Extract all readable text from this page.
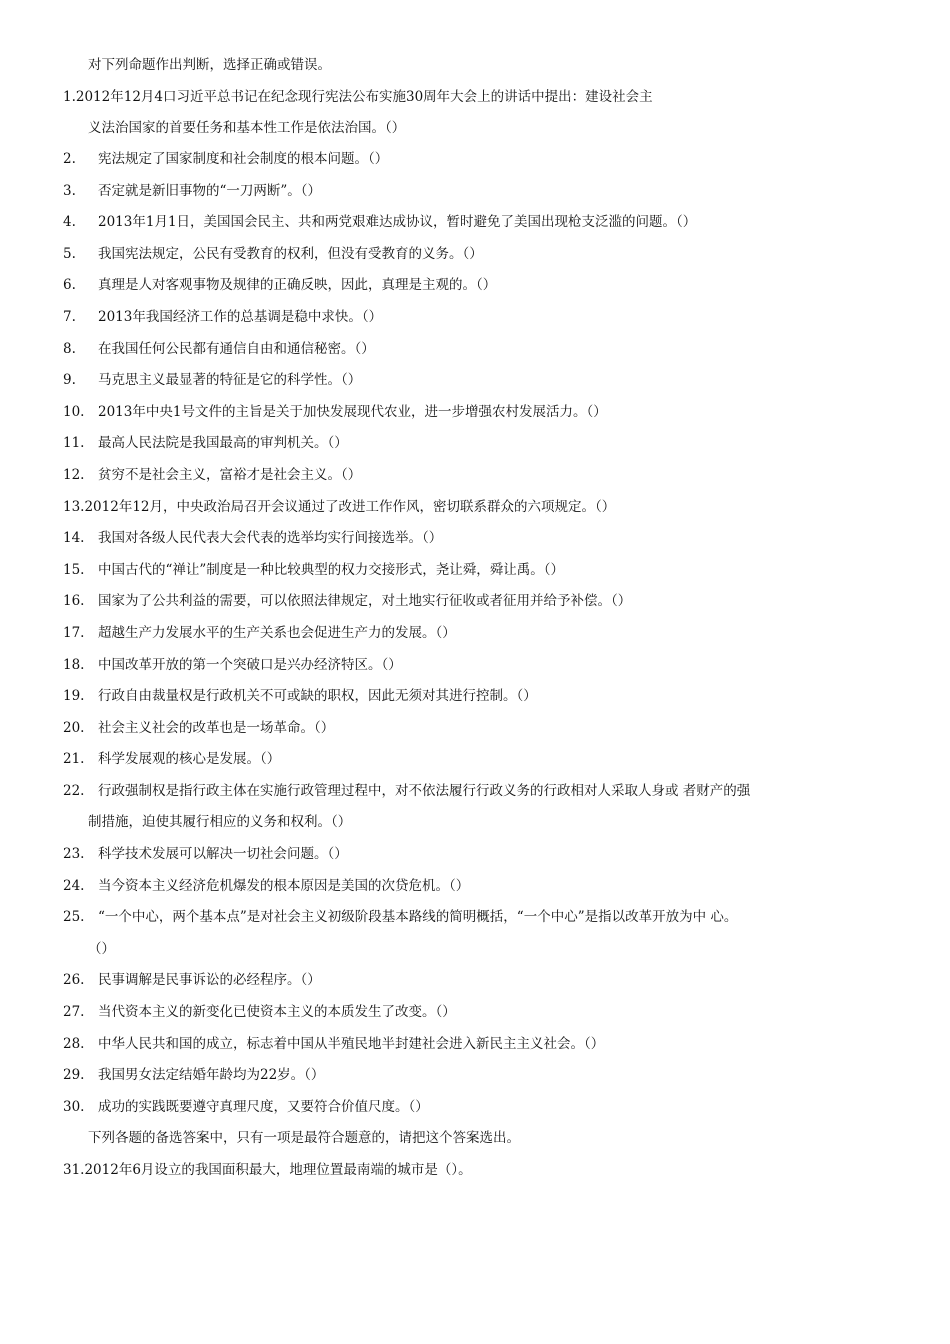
对下列命题作出判断，选择正确或错误。
1.2012年12月4口习近平总书记在纪念现行宪法公布实施30周年大会上的讲话中提出：建设社会主
义法治国家的首要任务和基本性工作是依法治国。（）
2. 宪法规定了国家制度和社会制度的根本问题。（）
3. 否定就是新旧事物的“一刀两断”。（）
4. 2013年1月1日，美国国会民主、共和两党艰难达成协议，暂时避免了美国出现枪支泛滥的问题。（）
5. 我国宪法规定，公民有受教育的权利，但没有受教育的义务。（）
6. 真理是人对客观事物及规律的正确反映，因此，真理是主观的。（）
7. 2013年我国经济工作的总基调是稳中求快。（）
8. 在我国任何公民都有通信自由和通信秘密。（）
9. 马克思主义最显著的特征是它的科学性。（）
10. 2013年中央1号文件的主旨是关于加快发展现代农业，进一步增强农村发展活力。（）
11. 最高人民法院是我国最高的审判机关。（）
12. 贫穷不是社会主义，富裕才是社会主义。（）
13.2012年12月，中央政治局召开会议通过了改进工作作风，密切联系群众的六项规定。（）
14. 我国对各级人民代表大会代表的选举均实行间接选举。（）
15. 中国古代的“禅让”制度是一种比较典型的权力交接形式，尧让舜，舜让禹。（）
16. 国家为了公共利益的需要，可以依照法律规定，对土地实行征收或者征用并给予补偿。（）
17. 超越生产力发展水平的生产关系也会促进生产力的发展。（）
18. 中国改革开放的第一个突破口是兴办经济特区。（）
19. 行政自由裁量权是行政机关不可或缺的职权，因此无须对其进行控制。（）
20. 社会主义社会的改革也是一场革命。（）
21. 科学发展观的核心是发展。（）
22. 行政强制权是指行政主体在实施行政管理过程中，对不依法履行行政义务的行政相对人采取人身或 者财产的强
制措施，迫使其履行相应的义务和权利。（）
23. 科学技术发展可以解决一切社会问题。（）
24. 当今资本主义经济危机爆发的根本原因是美国的次贷危机。（）
25. “一个中心，两个基本点”是对社会主义初级阶段基本路线的简明概括，“一个中心”是指以改革开放为中 心。
（）
26. 民事调解是民事诉讼的必经程序。（）
27. 当代资本主义的新变化已使资本主义的本质发生了改变。（）
28. 中华人民共和国的成立，标志着中国从半殖民地半封建社会进入新民主主义社会。（）
29. 我国男女法定结婚年龄均为22岁。（）
30. 成功的实践既要遵守真理尺度，又要符合价值尺度。（）
下列各题的备选答案中，只有一项是最符合题意的，请把这个答案选出。
31.2012年6月设立的我国面积最大，地理位置最南端的城市是（）。
